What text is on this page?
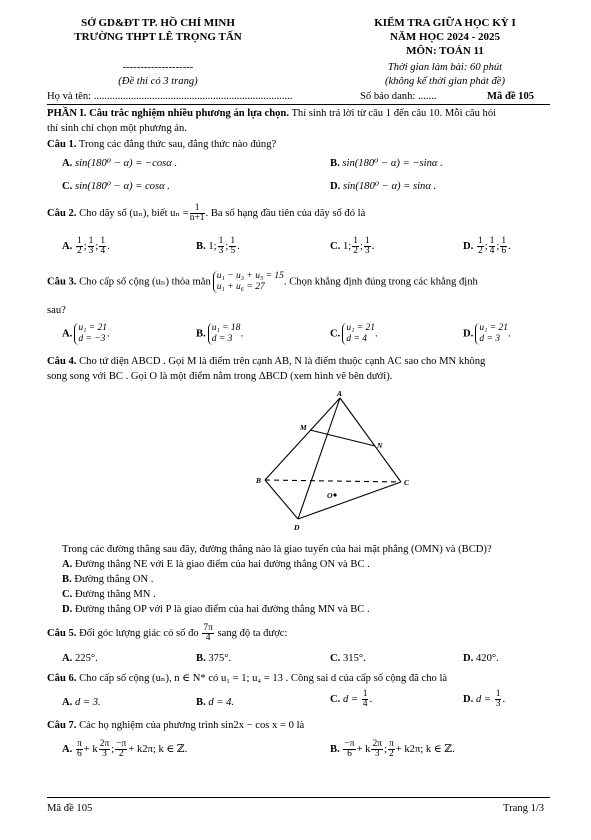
SỞ GD&ĐT TP. HỒ CHÍ MINH
TRƯỜNG THPT LÊ TRỌNG TẤN
KIỂM TRA GIỮA HỌC KỲ I
NĂM HỌC 2024 - 2025
MÔN: TOÁN 11
--------------------
(Đề thi có 3 trang)
Thời gian làm bài: 60 phút
(không kể thời gian phát đề)
Họ và tên: ...........................................................................	Số báo danh: .......	Mã đề 105
PHẦN I. Câu trắc nghiệm nhiều phương án lựa chọn. Thí sinh trả lời từ câu 1 đến câu 10. Mỗi câu hỏi
thí sinh chỉ chọn một phương án.
Câu 1. Trong các đẳng thức sau, đẳng thức nào đúng?
A. sin(180⁰ − α) = −cosα .	B. sin(180⁰ − α) = −sinα .
C. sin(180⁰ − α) = cosα .	D. sin(180⁰ − α) = sinα .
Câu 2. Cho dãy số (uₙ), biết $u_n = \frac{1}{n+1}$ . Ba số hạng đầu tiên của dãy số đó là
A. $\frac{1}{2}$ ; $\frac{1}{3}$ ; $\frac{1}{4}$ .	B. 1; $\frac{1}{3}$ ; $\frac{1}{5}$ .	C. 1; $\frac{1}{2}$ ; $\frac{1}{3}$ .	D. $\frac{1}{2}$ ; $\frac{1}{4}$ ; $\frac{1}{6}$ .
Câu 3. Cho cấp số cộng (uₙ) thỏa mãn
u₁ − u₃ + u₅ = 15
u₁ + u₆ = 27	. Chọn khẳng định đúng trong các khẳng định
sau?
A.
u₁ = 21
d = −3 .	B.
u₁ = 18
d = 3 .	C.
u₁ = 21
d = 4 .	D.
u₁ = 21
d = 3 .
Câu 4. Cho tứ diện ABCD . Gọi M là điểm trên cạnh AB, N là điểm thuộc cạnh AC sao cho MN không
song song với BC . Gọi O là một điểm nằm trong ΔBCD (xem hình vẽ bên dưới).
A
B	C
D
M
N
O
Trong các đường thẳng sau đây, đường thẳng nào là giao tuyến của hai mặt phẳng (OMN) và (BCD)?
A. Đường thẳng NE với E là giao điểm của hai đường thẳng ON và BC .
B. Đường thẳng ON .
C. Đường thẳng MN .
D. Đường thẳng OP với P là giao điểm của hai đường thẳng MN và BC .
Câu 5. Đổi góc lượng giác có số đo $\frac{7\pi}{4}$ sang độ ta được:
A. 225°.	B. 375°.	C. 315°.	D. 420°.
Câu 6. Cho cấp số cộng (uₙ), n ∈ N* có u₁ = 1; u₄ = 13 . Công sai d của cấp số cộng đã cho là
A. d = 3.	B. d = 4.	C. $d = \frac{1}{4}$ .	D. $d = \frac{1}{3}$ .
Câu 7. Các họ nghiệm của phương trình sin2x − cos x = 0 là
A. $\frac{\pi}{6} + k \frac{2\pi}{3}$ ; $\frac{-\pi}{2} + k2\pi$; k ∈ ℤ.	B. $\frac{-\pi}{6} + k \frac{2\pi}{3}$ ; $\frac{\pi}{2} + k2\pi$; k ∈ ℤ.
Mã đề 105	Trang 1/3
